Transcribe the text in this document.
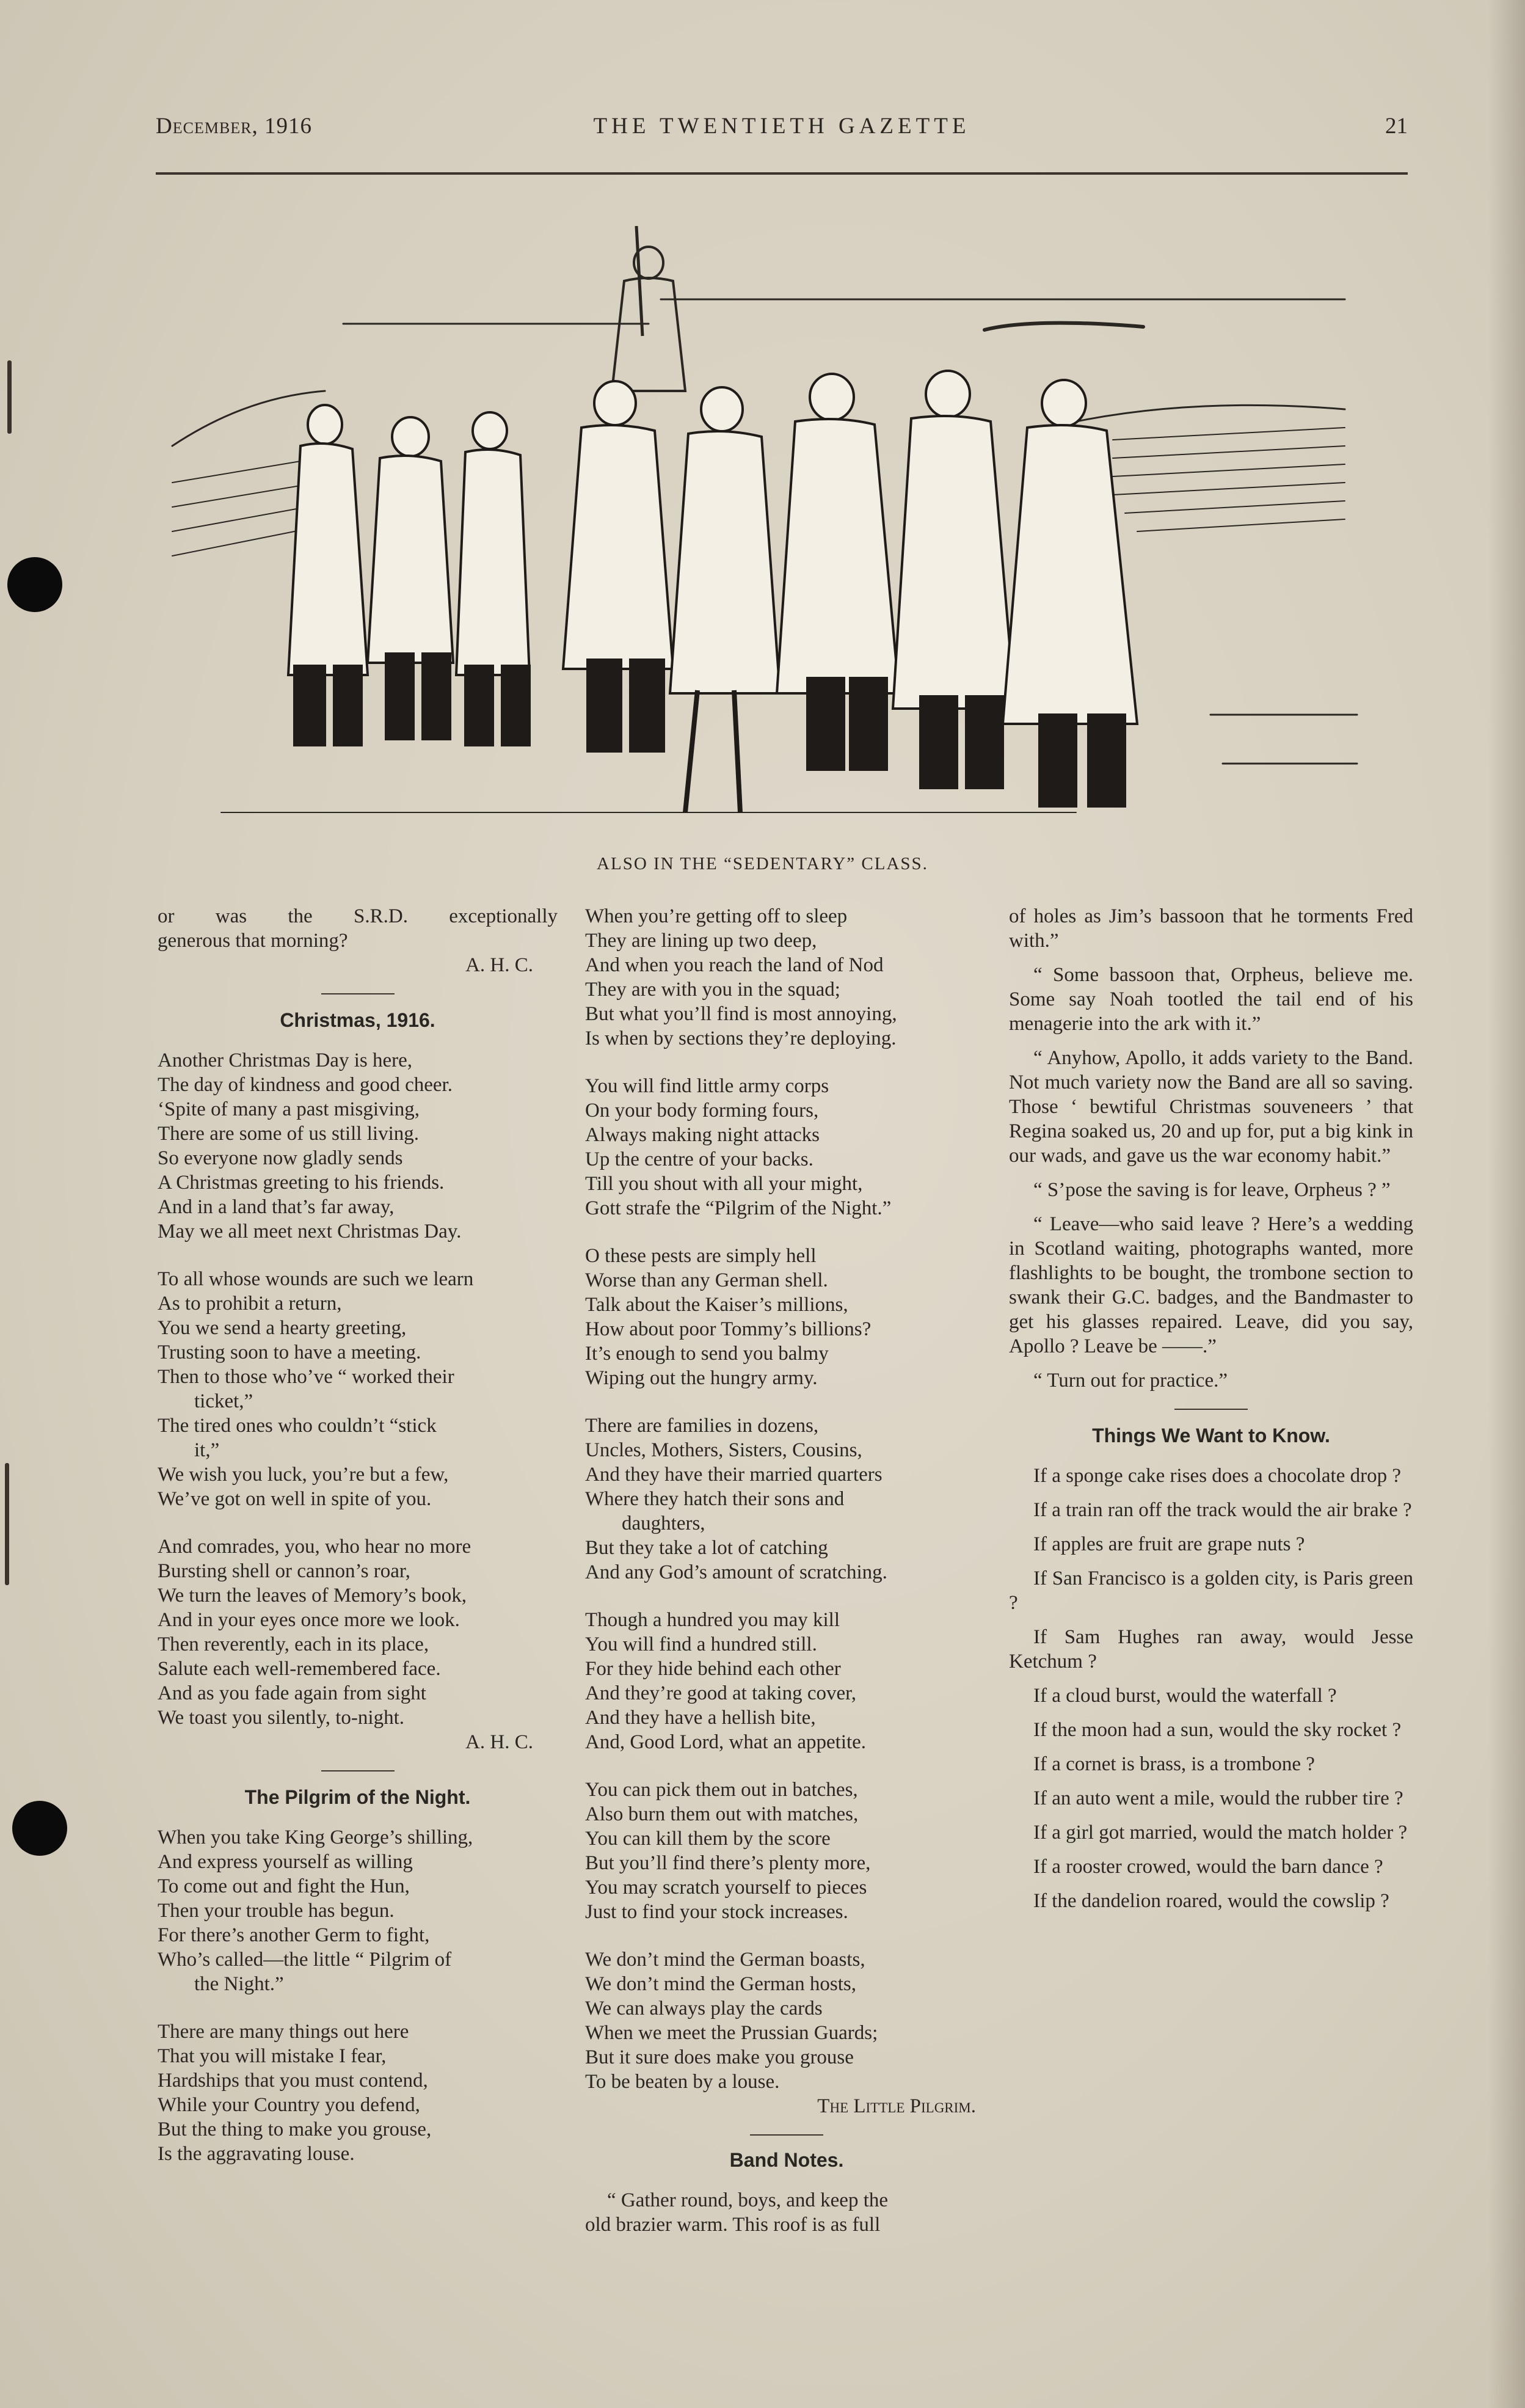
December, 1916	THE TWENTIETH GAZETTE	21
ALSO IN THE “SEDENTARY” CLASS.
or was the S.R.D. exceptionally
generous that morning?
A. H. C.
Christmas, 1916.
Another Christmas Day is here,
The day of kindness and good cheer.
‘Spite of many a past misgiving,
There are some of us still living.
So everyone now gladly sends
A Christmas greeting to his friends.
And in a land that’s far away,
May we all meet next Christmas Day.
To all whose wounds are such we learn
As to prohibit a return,
You we send a hearty greeting,
Trusting soon to have a meeting.
Then to those who’ve “ worked their
ticket,”
The tired ones who couldn’t “stick
it,”
We wish you luck, you’re but a few,
We’ve got on well in spite of you.
And comrades, you, who hear no more
Bursting shell or cannon’s roar,
We turn the leaves of Memory’s book,
And in your eyes once more we look.
Then reverently, each in its place,
Salute each well-remembered face.
And as you fade again from sight
We toast you silently, to-night.
A. H. C.
The Pilgrim of the Night.
When you take King George’s shilling,
And express yourself as willing
To come out and fight the Hun,
Then your trouble has begun.
For there’s another Germ to fight,
Who’s called—the little “ Pilgrim of
the Night.”
There are many things out here
That you will mistake I fear,
Hardships that you must contend,
While your Country you defend,
But the thing to make you grouse,
Is the aggravating louse.
When you’re getting off to sleep
They are lining up two deep,
And when you reach the land of Nod
They are with you in the squad;
But what you’ll find is most annoying,
Is when by sections they’re deploying.
You will find little army corps
On your body forming fours,
Always making night attacks
Up the centre of your backs.
Till you shout with all your might,
Gott strafe the “Pilgrim of the Night.”
O these pests are simply hell
Worse than any German shell.
Talk about the Kaiser’s millions,
How about poor Tommy’s billions?
It’s enough to send you balmy
Wiping out the hungry army.
There are families in dozens,
Uncles, Mothers, Sisters, Cousins,
And they have their married quarters
Where they hatch their sons and
daughters,
But they take a lot of catching
And any God’s amount of scratching.
Though a hundred you may kill
You will find a hundred still.
For they hide behind each other
And they’re good at taking cover,
And they have a hellish bite,
And, Good Lord, what an appetite.
You can pick them out in batches,
Also burn them out with matches,
You can kill them by the score
But you’ll find there’s plenty more,
You may scratch yourself to pieces
Just to find your stock increases.
We don’t mind the German boasts,
We don’t mind the German hosts,
We can always play the cards
When we meet the Prussian Guards;
But it sure does make you grouse
To be beaten by a louse.
The Little Pilgrim.
Band Notes.
“ Gather round, boys, and keep the
old brazier warm. This roof is as full

of holes as Jim’s bassoon that he torments Fred with.”

“ Some bassoon that, Orpheus, believe me. Some say Noah tootled the tail end of his menagerie into the ark with it.”

“ Anyhow, Apollo, it adds variety to the Band. Not much variety now the Band are all so saving. Those ‘ bewtiful Christmas souveneers ’ that Regina soaked us, 20 and up for, put a big kink in our wads, and gave us the war economy habit.”

“ S’pose the saving is for leave, Orpheus ? ”

“ Leave—who said leave ? Here’s a wedding in Scotland waiting, photographs wanted, more flashlights to be bought, the trombone section to swank their G.C. badges, and the Bandmaster to get his glasses repaired. Leave, did you say, Apollo ? Leave be ——.”

“ Turn out for practice.”

Things We Want to Know.

If a sponge cake rises does a chocolate drop ?

If a train ran off the track would the air brake ?

If apples are fruit are grape nuts ?

If San Francisco is a golden city, is Paris green ?

If Sam Hughes ran away, would Jesse Ketchum ?

If a cloud burst, would the waterfall ?

If the moon had a sun, would the sky rocket ?

If a cornet is brass, is a trombone ?

If an auto went a mile, would the rubber tire ?

If a girl got married, would the match holder ?

If a rooster crowed, would the barn dance ?

If the dandelion roared, would the cowslip ?
